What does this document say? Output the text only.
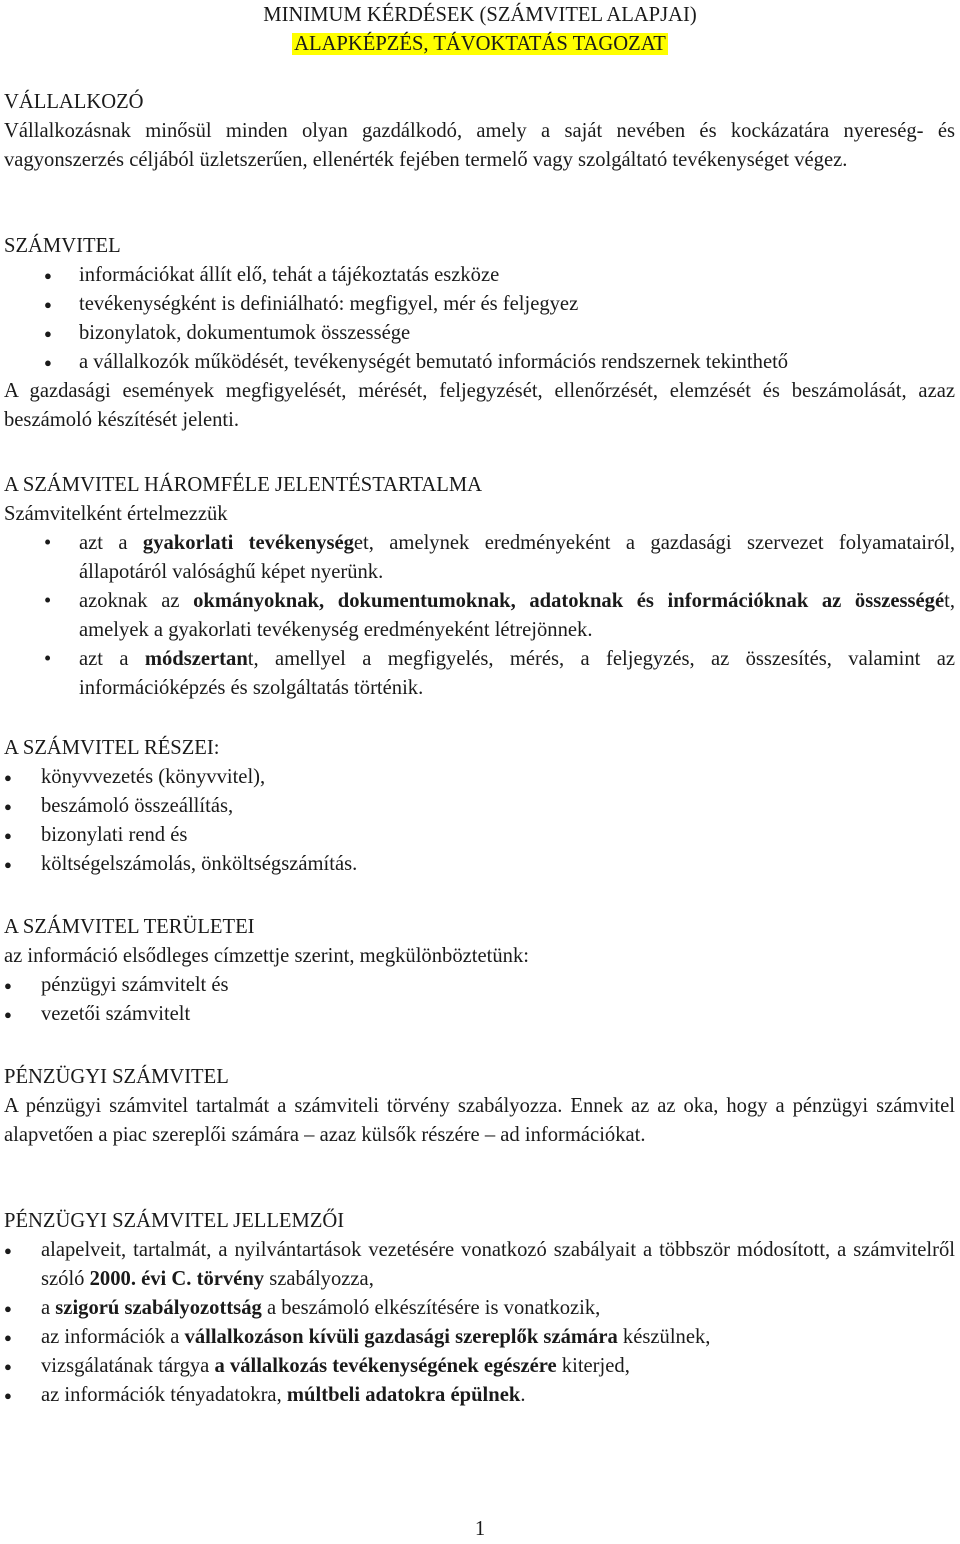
MINIMUM KÉRDÉSEK (SZÁMVITEL ALAPJAI)
ALAPKÉPZÉS, TÁVOKTATÁS TAGOZAT
VÁLLALKOZÓ
Vállalkozásnak minősül minden olyan gazdálkodó, amely a saját nevében és kockázatára nyereség- és vagyonszerzés céljából üzletszerűen, ellenérték fejében termelő vagy szolgáltató tevékenységet végez.
SZÁMVITEL
● információkat állít elő, tehát a tájékoztatás eszköze
● tevékenységként is definiálható: megfigyel, mér és feljegyez
● bizonylatok, dokumentumok összessége
● a vállalkozók működését, tevékenységét bemutató információs rendszernek tekinthető
A gazdasági események megfigyelését, mérését, feljegyzését, ellenőrzését, elemzését és beszámolását, azaz beszámoló készítését jelenti.
A SZÁMVITEL HÁROMFÉLE JELENTÉSTARTALMA
Számvitelként értelmezzük
• azt a gyakorlati tevékenységet, amelynek eredményeként a gazdasági szervezet folyamatairól, állapotáról valósághű képet nyerünk.
• azoknak az okmányoknak, dokumentumoknak, adatoknak és információknak az összességét, amelyek a gyakorlati tevékenység eredményeként létrejönnek.
• azt a módszertant, amellyel a megfigyelés, mérés, a feljegyzés, az összesítés, valamint az információképzés és szolgáltatás történik.
A SZÁMVITEL RÉSZEI:
● könyvvezetés (könyvvitel),
● beszámoló összeállítás,
● bizonylati rend és
● költségelszámolás, önköltségszámítás.
A SZÁMVITEL TERÜLETEI
az információ elsődleges címzettje szerint, megkülönböztetünk:
● pénzügyi számvitelt és
● vezetői számvitelt
PÉNZÜGYI SZÁMVITEL
A pénzügyi számvitel tartalmát a számviteli törvény szabályozza. Ennek az az oka, hogy a pénzügyi számvitel alapvetően a piac szereplői számára – azaz külsők részére – ad információkat.
PÉNZÜGYI SZÁMVITEL JELLEMZŐI
● alapelveit, tartalmát, a nyilvántartások vezetésére vonatkozó szabályait a többször módosított, a számvitelről szóló 2000. évi C. törvény szabályozza,
● a szigorú szabályozottság a beszámoló elkészítésére is vonatkozik,
● az információk a vállalkozáson kívüli gazdasági szereplők számára készülnek,
● vizsgálatának tárgya a vállalkozás tevékenységének egészére kiterjed,
● az információk tényadatokra, múltbeli adatokra épülnek.
1
